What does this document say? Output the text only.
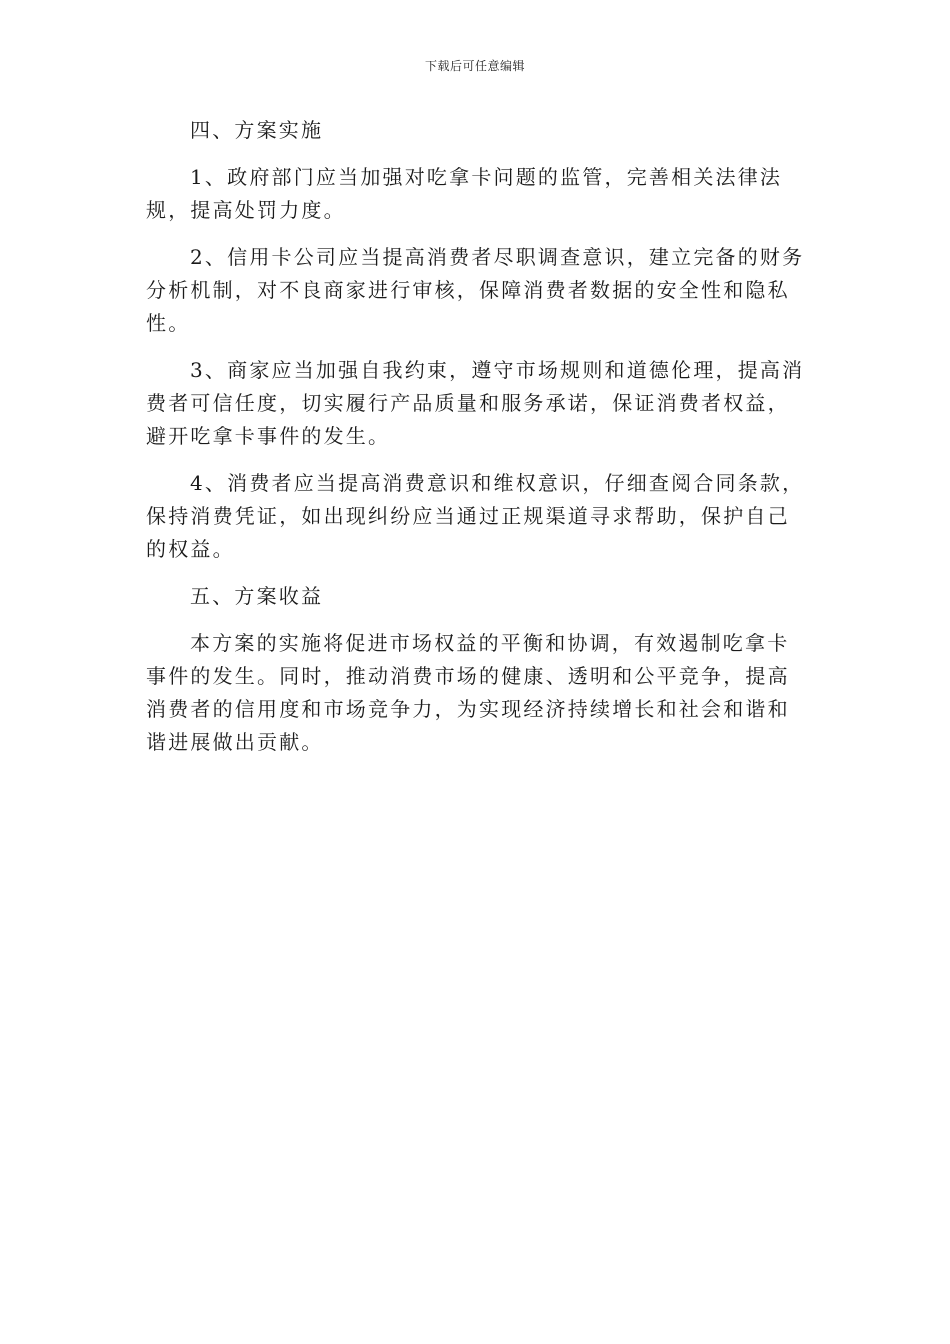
下载后可任意编辑

四、方案实施

1、政府部门应当加强对吃拿卡问题的监管，完善相关法律法规，提高处罚力度。

2、信用卡公司应当提高消费者尽职调查意识，建立完备的财务分析机制，对不良商家进行审核，保障消费者数据的安全性和隐私性。

3、商家应当加强自我约束，遵守市场规则和道德伦理，提高消费者可信任度，切实履行产品质量和服务承诺，保证消费者权益，避开吃拿卡事件的发生。

4、消费者应当提高消费意识和维权意识，仔细查阅合同条款，保持消费凭证，如出现纠纷应当通过正规渠道寻求帮助，保护自己的权益。

五、方案收益

本方案的实施将促进市场权益的平衡和协调，有效遏制吃拿卡事件的发生。同时，推动消费市场的健康、透明和公平竞争，提高消费者的信用度和市场竞争力，为实现经济持续增长和社会和谐和谐进展做出贡献。
